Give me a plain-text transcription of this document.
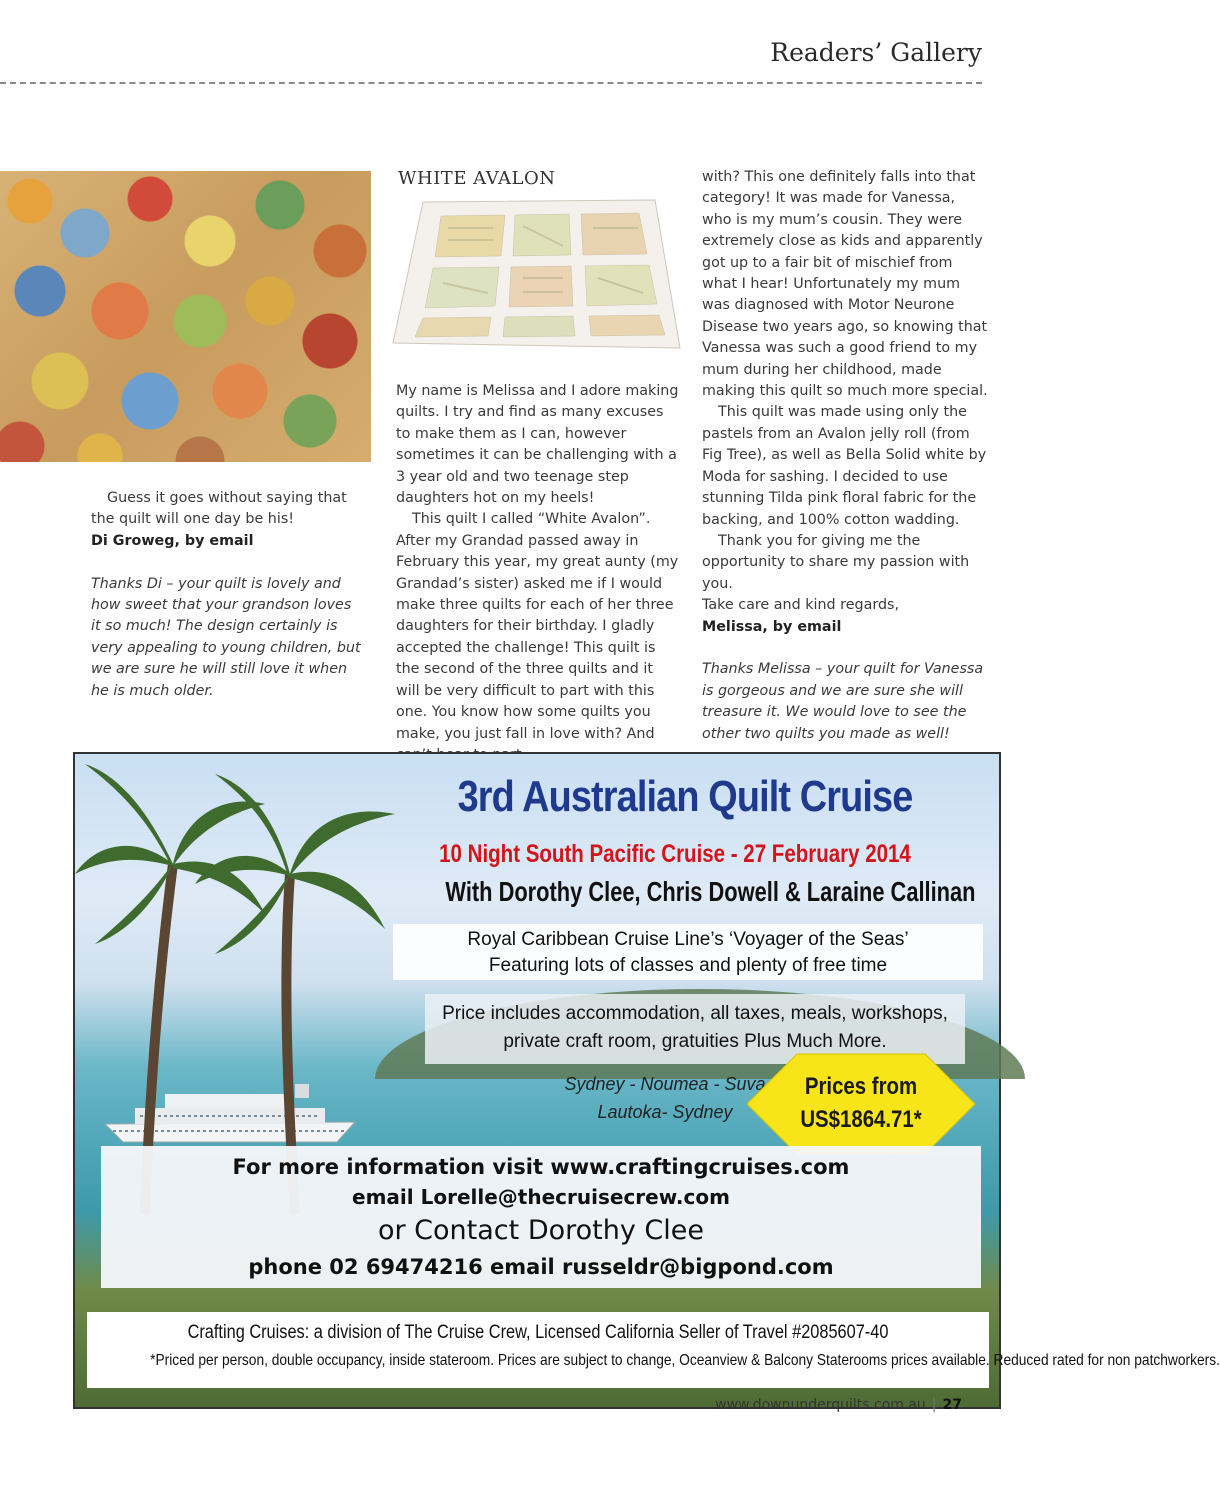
Readers’ Gallery

Guess it goes without saying that the quilt will one day be his!

Di Groweg, by email

Thanks Di – your quilt is lovely and how sweet that your grandson loves it so much! The design certainly is very appealing to young children, but we are sure he will still love it when he is much older.

WHITE AVALON

My name is Melissa and I adore making quilts. I try and find as many excuses to make them as I can, however sometimes it can be challenging with a 3 year old and two teenage step daughters hot on my heels!

This quilt I called “White Avalon”. After my Grandad passed away in February this year, my great aunty (my Grandad’s sister) asked me if I would make three quilts for each of her three daughters for their birthday. I gladly accepted the challenge! This quilt is the second of the three quilts and it will be very difficult to part with this one. You know how some quilts you make, you just fall in love with? And

with? This one definitely falls into that category! It was made for Vanessa, who is my mum’s cousin. They were extremely close as kids and apparently got up to a fair bit of mischief from what I hear! Unfortunately my mum was diagnosed with Motor Neurone Disease two years ago, so knowing that Vanessa was such a good friend to my mum during her childhood, made making this quilt so much more special.

This quilt was made using only the pastels from an Avalon jelly roll (from Fig Tree), as well as Bella Solid white by Moda for sashing. I decided to use stunning Tilda pink floral fabric for the backing, and 100% cotton wadding.

Thank you for giving me the opportunity to share my passion with you.

Take care and kind regards,

Melissa, by email

Thanks Melissa – your quilt for Vanessa is gorgeous and we are sure she will treasure it. We would love to see the other two quilts you made as well!

3rd Australian Quilt Cruise
10 Night South Pacific Cruise - 27 February 2014
With Dorothy Clee, Chris Dowell & Laraine Callinan
Royal Caribbean Cruise Line’s ‘Voyager of the Seas’
Featuring lots of classes and plenty of free time
Price includes accommodation, all taxes, meals, workshops,
private craft room, gratuities Plus Much More.
Sydney - Noumea - Suva
Lautoka- Sydney
Prices from
US$1864.71*
For more information visit www.craftingcruises.com
email Lorelle@thecruisecrew.com
or Contact Dorothy Clee
phone 02 69474216 email russeldr@bigpond.com
Crafting Cruises: a division of The Cruise Crew, Licensed California Seller of Travel #2085607-40
*Priced per person, double occupancy, inside stateroom. Prices are subject to change, Oceanview & Balcony Staterooms prices available. Reduced rated for non patchworkers.
www.downunderquilts.com.au | 27
